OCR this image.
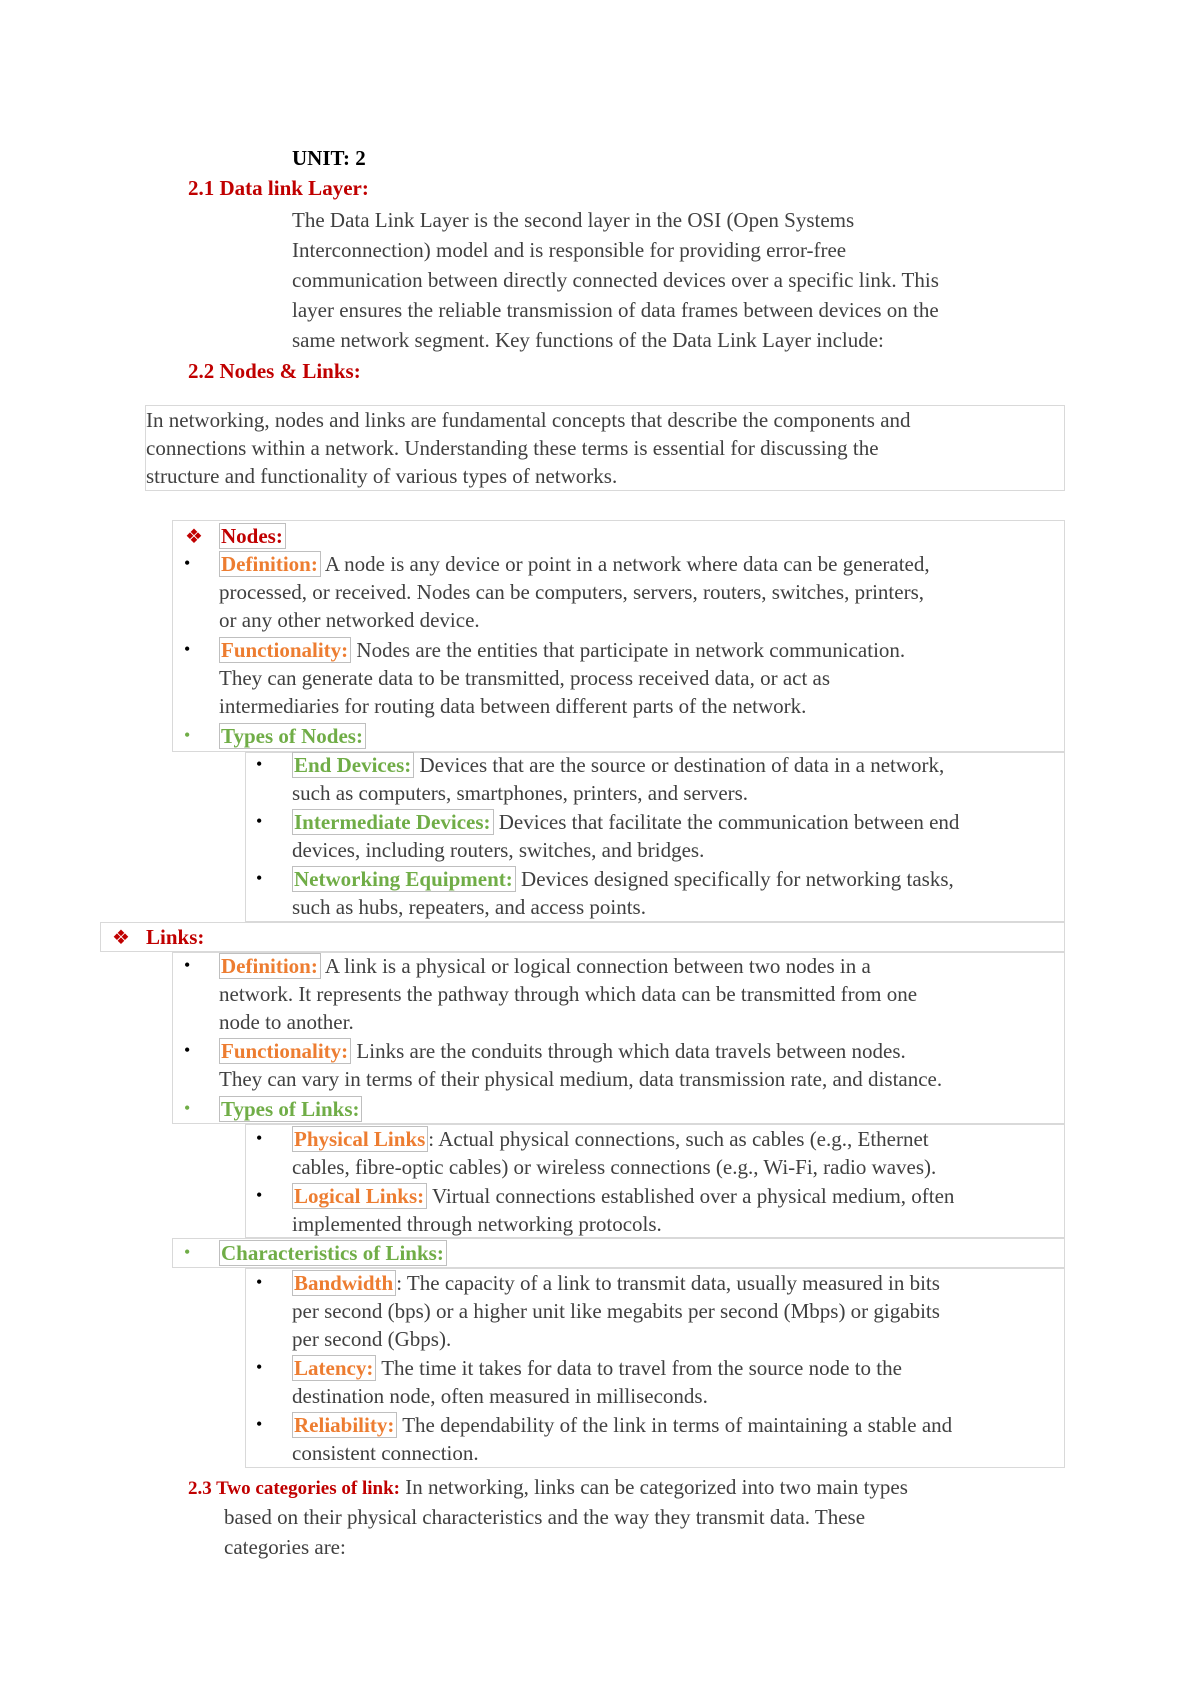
UNIT: 2
2.1 Data link Layer:
The Data Link Layer is the second layer in the OSI (Open Systems
Interconnection) model and is responsible for providing error-free
communication between directly connected devices over a specific link. This
layer ensures the reliable transmission of data frames between devices on the
same network segment. Key functions of the Data Link Layer include:
2.2 Nodes & Links:
In networking, nodes and links are fundamental concepts that describe the components and
connections within a network. Understanding these terms is essential for discussing the
structure and functionality of various types of networks.
❖ Nodes:
• Definition: A node is any device or point in a network where data can be generated,
processed, or received. Nodes can be computers, servers, routers, switches, printers,
or any other networked device.
• Functionality: Nodes are the entities that participate in network communication.
They can generate data to be transmitted, process received data, or act as
intermediaries for routing data between different parts of the network.
• Types of Nodes:
• End Devices: Devices that are the source or destination of data in a network,
such as computers, smartphones, printers, and servers.
• Intermediate Devices: Devices that facilitate the communication between end
devices, including routers, switches, and bridges.
• Networking Equipment: Devices designed specifically for networking tasks,
such as hubs, repeaters, and access points.
❖ Links:
• Definition: A link is a physical or logical connection between two nodes in a
network. It represents the pathway through which data can be transmitted from one
node to another.
• Functionality: Links are the conduits through which data travels between nodes.
They can vary in terms of their physical medium, data transmission rate, and distance.
• Types of Links:
• Physical Links : Actual physical connections, such as cables (e.g., Ethernet
cables, fibre-optic cables) or wireless connections (e.g., Wi-Fi, radio waves).
• Logical Links: Virtual connections established over a physical medium, often
implemented through networking protocols.
• Characteristics of Links:
• Bandwidth : The capacity of a link to transmit data, usually measured in bits
per second (bps) or a higher unit like megabits per second (Mbps) or gigabits
per second (Gbps).
• Latency: The time it takes for data to travel from the source node to the
destination node, often measured in milliseconds.
• Reliability: The dependability of the link in terms of maintaining a stable and
consistent connection.
2.3 Two categories of link: In networking, links can be categorized into two main types
based on their physical characteristics and the way they transmit data. These
categories are:
